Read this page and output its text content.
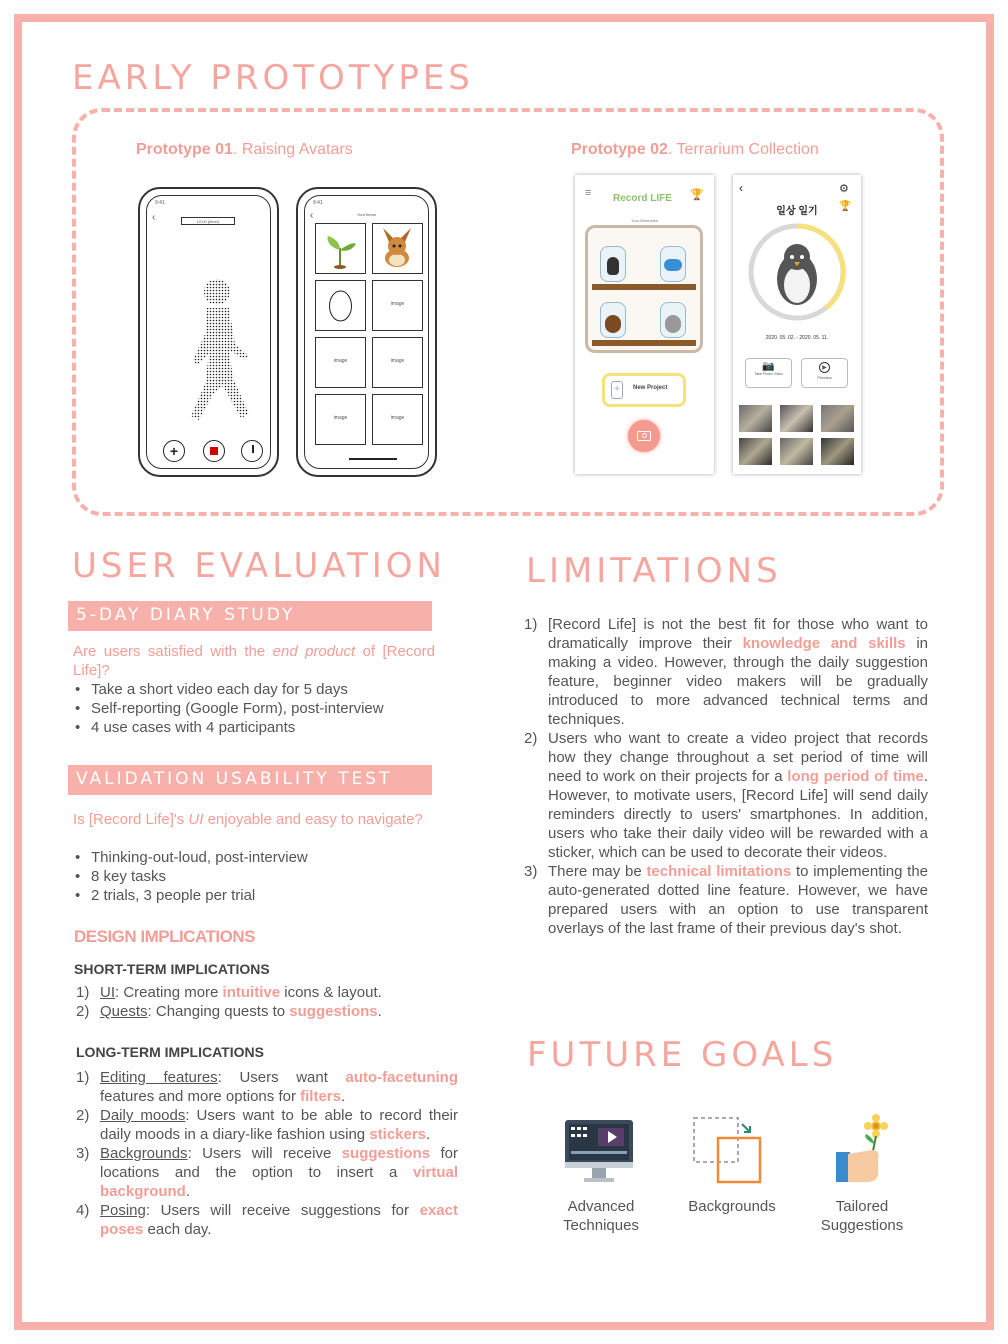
EARLY PROTOTYPES
Prototype 01. Raising Avatars	Prototype 02. Terrarium Collection
9:41
‹	10:00 (timer)
+
9:41
‹	Your Items
image
image	image
image	image
≡ Record LIFE 🏆
Your Memories
+	New Project
‹	⚙
일상 일기	🏆
2020. 05. 02. - 2020. 05. 11.
📷
Take Photo/ Video
▶
Preview
USER EVALUATION
5-DAY DIARY STUDY
Are users satisfied with the end product of [Record Life]?
• Take a short video each day for 5 days
• Self-reporting (Google Form), post-interview
• 4 use cases with 4 participants
VALIDATION USABILITY TEST
Is [Record Life]'s UI enjoyable and easy to navigate?
• Thinking-out-loud, post-interview
• 8 key tasks
• 2 trials, 3 people per trial
DESIGN IMPLICATIONS
SHORT-TERM IMPLICATIONS
1) UI: Creating more intuitive icons & layout.
2) Quests: Changing quests to suggestions.
LONG-TERM IMPLICATIONS
1) Editing features: Users want auto-facetuning features and more options for filters.
2) Daily moods: Users want to be able to record their daily moods in a diary-like fashion using stickers.
3) Backgrounds: Users will receive suggestions for locations and the option to insert a virtual background.
4) Posing: Users will receive suggestions for exact poses each day.
LIMITATIONS
1) [Record Life] is not the best fit for those who want to dramatically improve their knowledge and skills in making a video. However, through the daily suggestion feature, beginner video makers will be gradually introduced to more advanced technical terms and techniques.
2) Users who want to create a video project that records how they change throughout a set period of time will need to work on their projects for a long period of time. However, to motivate users, [Record Life] will send daily reminders directly to users' smartphones. In addition, users who take their daily video will be rewarded with a sticker, which can be used to decorate their videos.
3) There may be technical limitations to implementing the auto-generated dotted line feature. However, we have prepared users with an option to use transparent overlays of the last frame of their previous day's shot.
FUTURE GOALS
Advanced
Techniques
Backgrounds	Tailored
Suggestions
